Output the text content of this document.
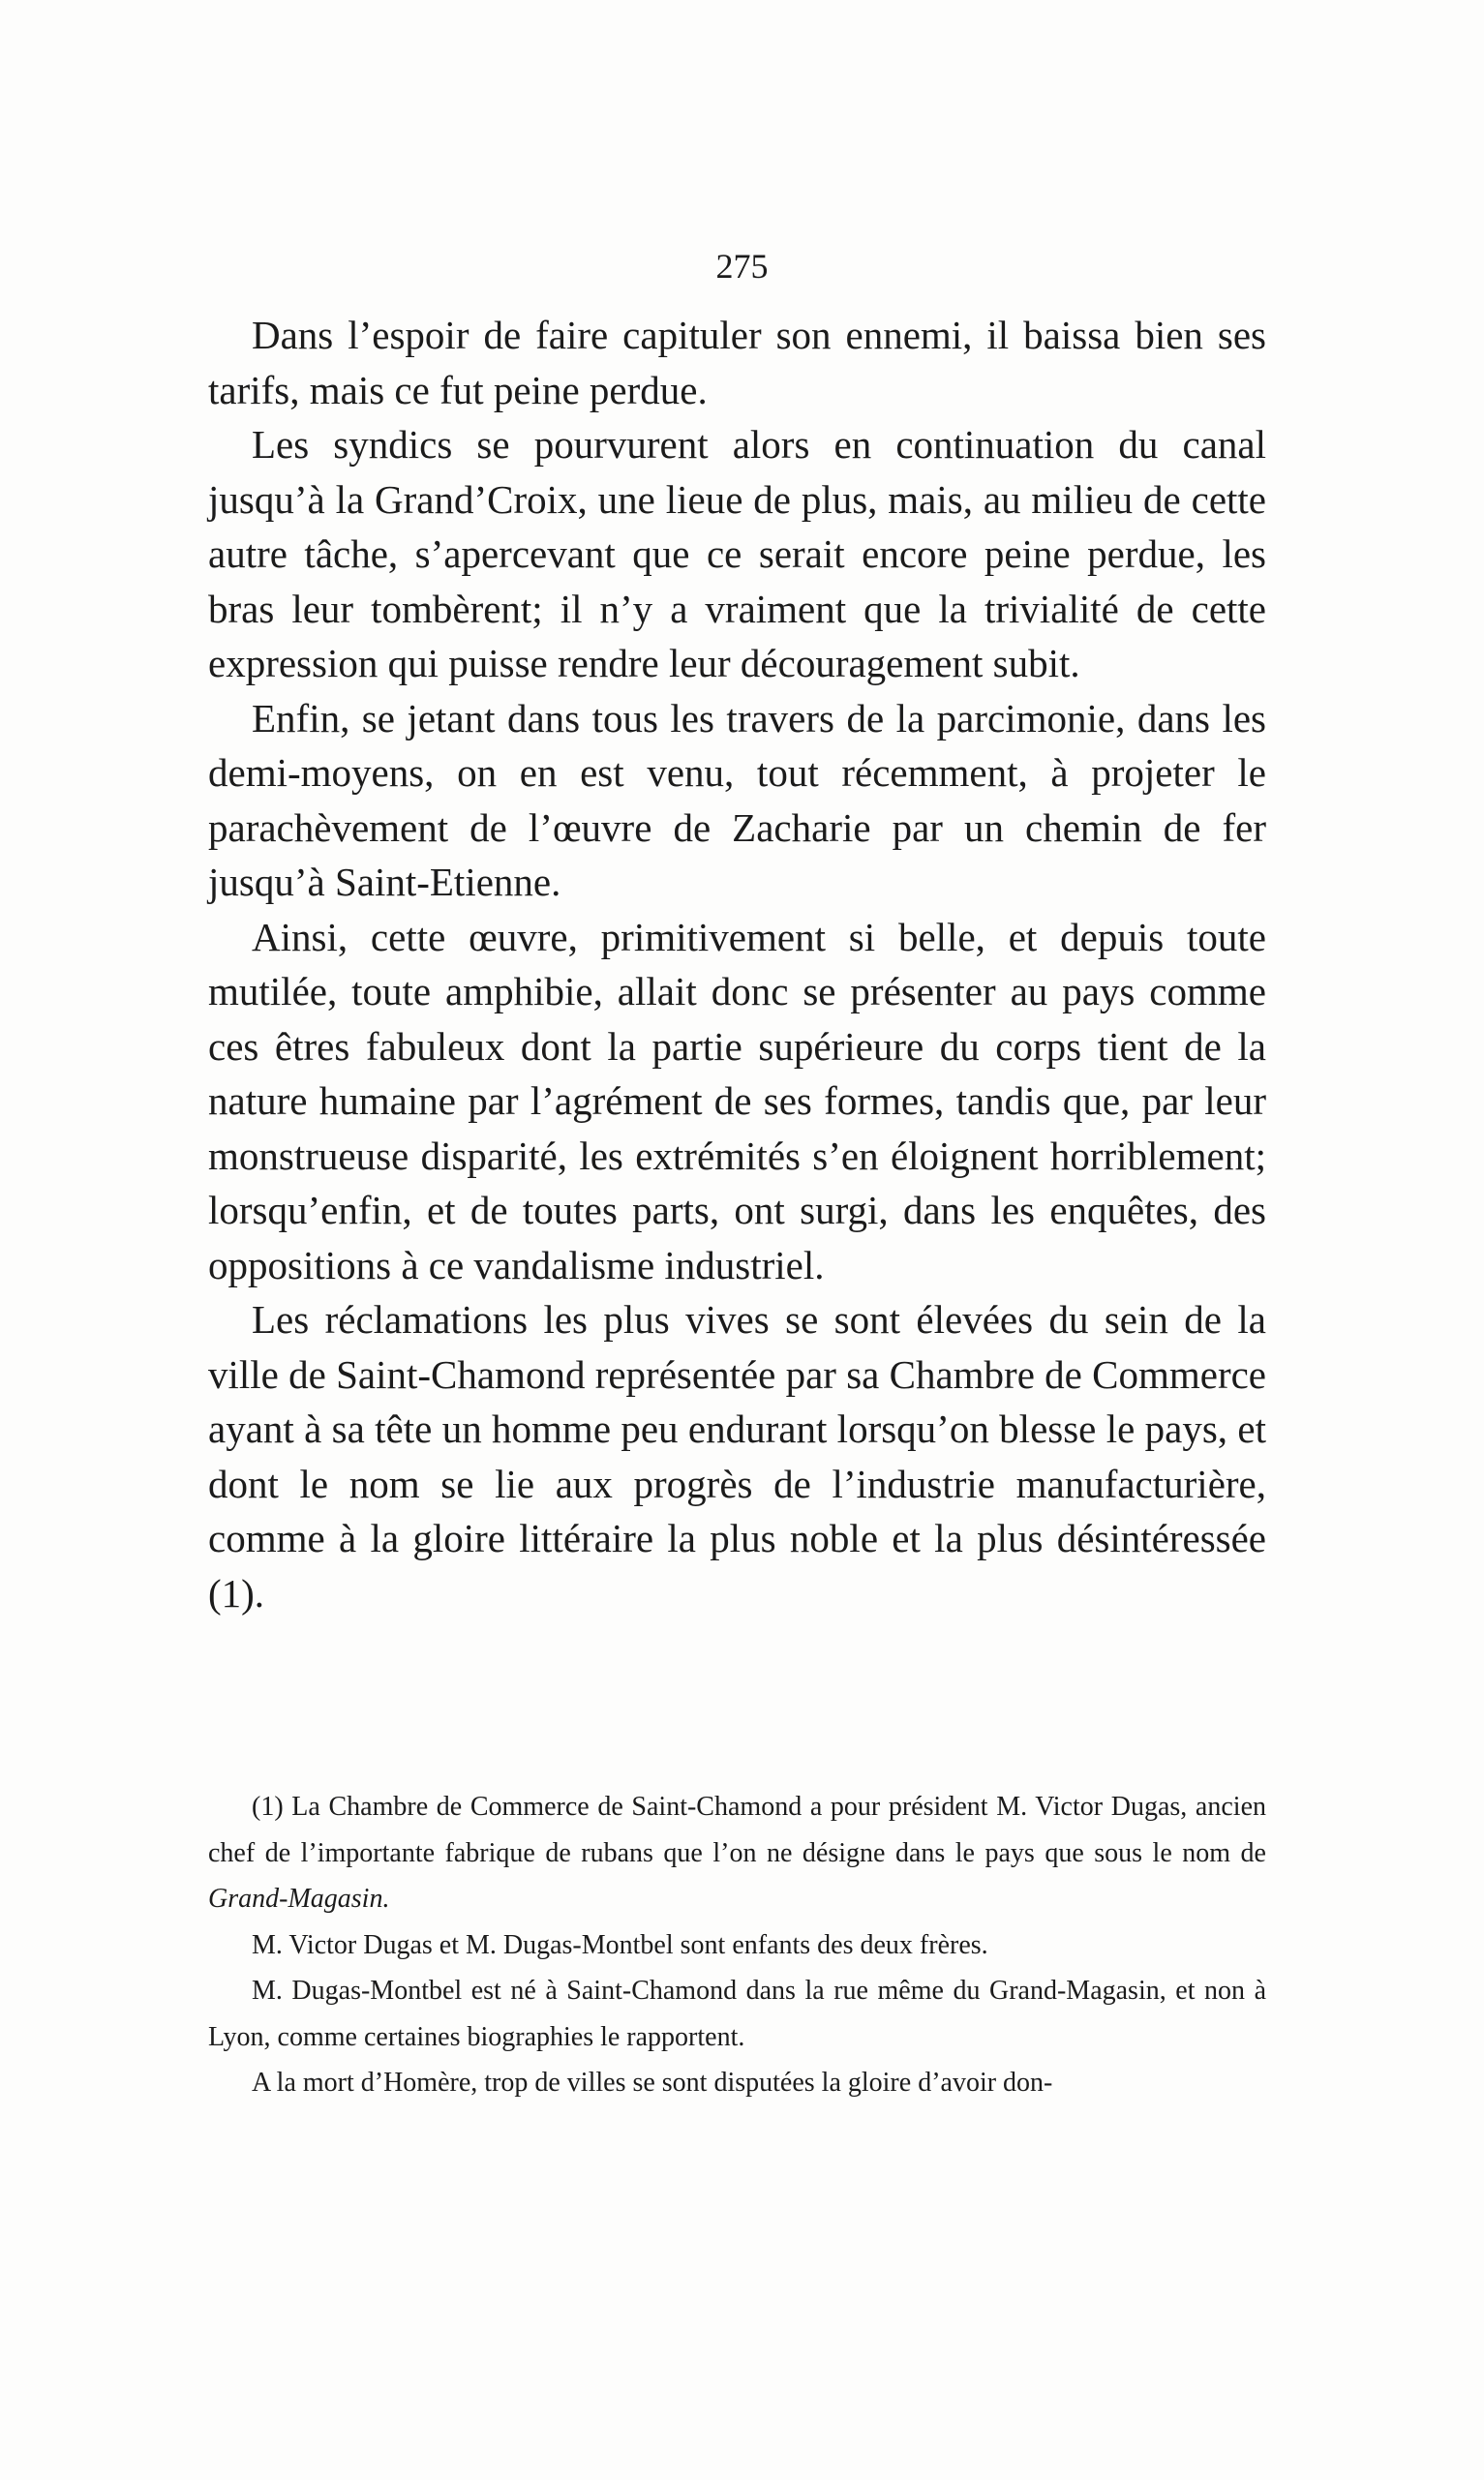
275

Dans l’espoir de faire capituler son ennemi, il baissa bien ses tarifs, mais ce fut peine perdue.

Les syndics se pourvurent alors en continuation du canal jusqu’à la Grand’Croix, une lieue de plus, mais, au milieu de cette autre tâche, s’apercevant que ce serait encore peine perdue, les bras leur tombèrent; il n’y a vraiment que la trivialité de cette expression qui puisse rendre leur découragement subit.

Enfin, se jetant dans tous les travers de la parcimonie, dans les demi-moyens, on en est venu, tout récemment, à projeter le parachèvement de l’œuvre de Zacharie par un chemin de fer jusqu’à Saint-Etienne.

Ainsi, cette œuvre, primitivement si belle, et depuis toute mutilée, toute amphibie, allait donc se présenter au pays comme ces êtres fabuleux dont la partie supérieure du corps tient de la nature humaine par l’agrément de ses formes, tandis que, par leur monstrueuse disparité, les extrémités s’en éloignent horriblement; lorsqu’enfin, et de toutes parts, ont surgi, dans les enquêtes, des oppositions à ce vandalisme industriel.

Les réclamations les plus vives se sont élevées du sein de la ville de Saint-Chamond représentée par sa Chambre de Commerce ayant à sa tête un homme peu endurant lorsqu’on blesse le pays, et dont le nom se lie aux progrès de l’industrie manufacturière, comme à la gloire littéraire la plus noble et la plus désintéressée (1).

(1) La Chambre de Commerce de Saint-Chamond a pour président M. Victor Dugas, ancien chef de l’importante fabrique de rubans que l’on ne désigne dans le pays que sous le nom de Grand-Magasin.

M. Victor Dugas et M. Dugas-Montbel sont enfants des deux frères.

M. Dugas-Montbel est né à Saint-Chamond dans la rue même du Grand-Magasin, et non à Lyon, comme certaines biographies le rapportent.

A la mort d’Homère, trop de villes se sont disputées la gloire d’avoir don-
